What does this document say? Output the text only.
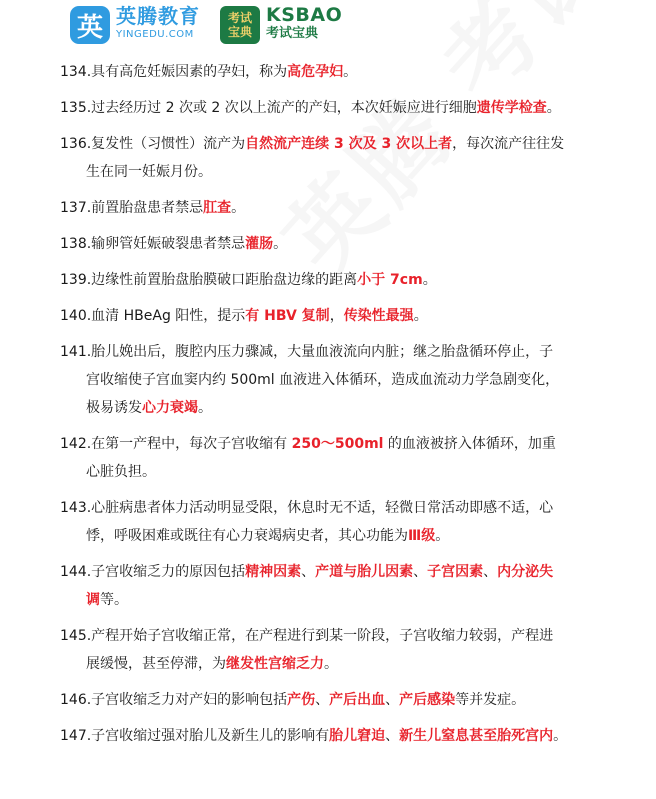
英 英腾教育
YINGEDU.COM
考试
宝典
KSBAO
考试宝典
134.具有高危妊娠因素的孕妇，称为高危孕妇。
135.过去经历过 2 次或 2 次以上流产的产妇，本次妊娠应进行细胞遗传学检查。
136.复发性（习惯性）流产为自然流产连续 3 次及 3 次以上者，每次流产往往发
生在同一妊娠月份。
137.前置胎盘患者禁忌肛查。
138.输卵管妊娠破裂患者禁忌灌肠。
139.边缘性前置胎盘胎膜破口距胎盘边缘的距离小于 7cm。
140.血清 HBeAg 阳性，提示有 HBV 复制，传染性最强。
141.胎儿娩出后，腹腔内压力骤减，大量血液流向内脏；继之胎盘循环停止，子
宫收缩使子宫血窦内约 500ml 血液进入体循环，造成血流动力学急剧变化，
极易诱发心力衰竭。
142.在第一产程中，每次子宫收缩有 250～500ml 的血液被挤入体循环，加重
心脏负担。
143.心脏病患者体力活动明显受限，休息时无不适，轻微日常活动即感不适，心
悸，呼吸困难或既往有心力衰竭病史者，其心功能为Ⅲ级。
144.子宫收缩乏力的原因包括精神因素、产道与胎儿因素、子宫因素、内分泌失
调等。
145.产程开始子宫收缩正常，在产程进行到某一阶段，子宫收缩力较弱，产程进
展缓慢，甚至停滞，为继发性宫缩乏力。
146.子宫收缩乏力对产妇的影响包括产伤、产后出血、产后感染等并发症。
147.子宫收缩过强对胎儿及新生儿的影响有胎儿窘迫、新生儿窒息甚至胎死宫内。
